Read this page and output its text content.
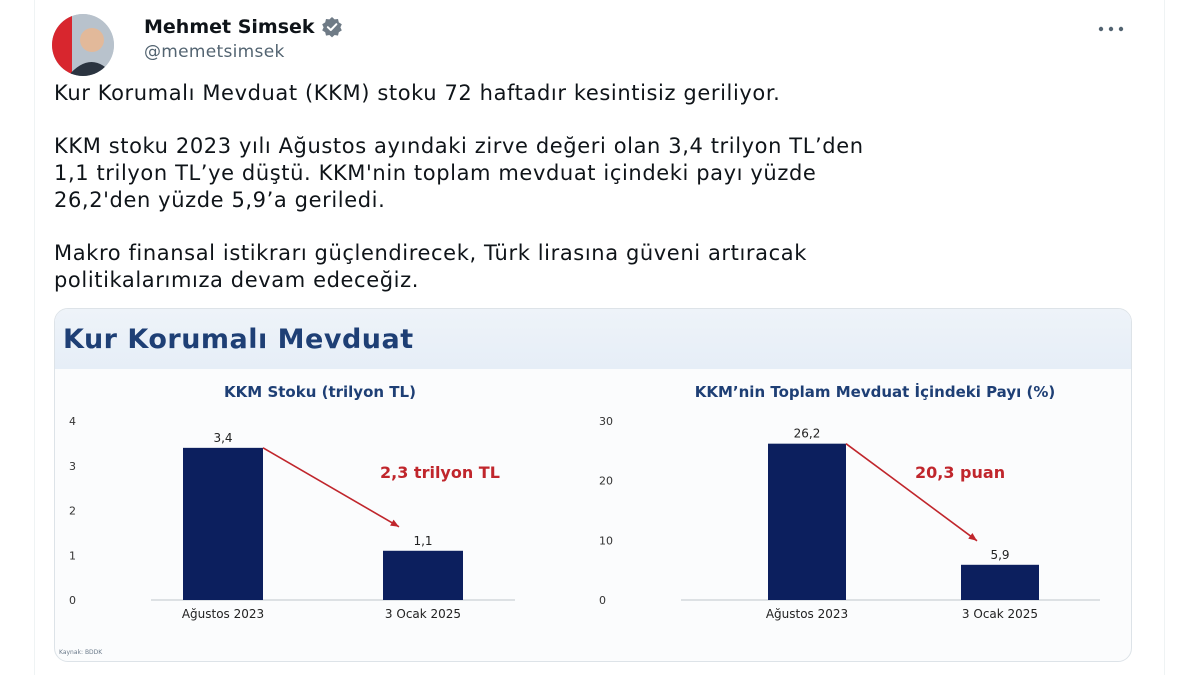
Mehmet Simsek
@memetsimsek

Kur Korumalı Mevduat (KKM) stoku 72 haftadır kesintisiz geriliyor.

KKM stoku 2023 yılı Ağustos ayındaki zirve değeri olan 3,4 trilyon TL’den
1,1 trilyon TL’ye düştü. KKM'nin toplam mevduat içindeki payı yüzde
26,2'den yüzde 5,9’a geriledi.

Makro finansal istikrarı güçlendirecek, Türk lirasına güveni artıracak
politikalarımıza devam edeceğiz.

Kur Korumalı Mevduat
KKM Stoku (trilyon TL)
0
1
2
3
4
3,4
Ağustos 2023
1,1
3 Ocak 2025
2,3 trilyon TL
KKM’nin Toplam Mevduat İçindeki Payı (%)
0
10
20
30
26,2
Ağustos 2023
5,9
3 Ocak 2025
20,3 puan
Kaynak: BDDK
